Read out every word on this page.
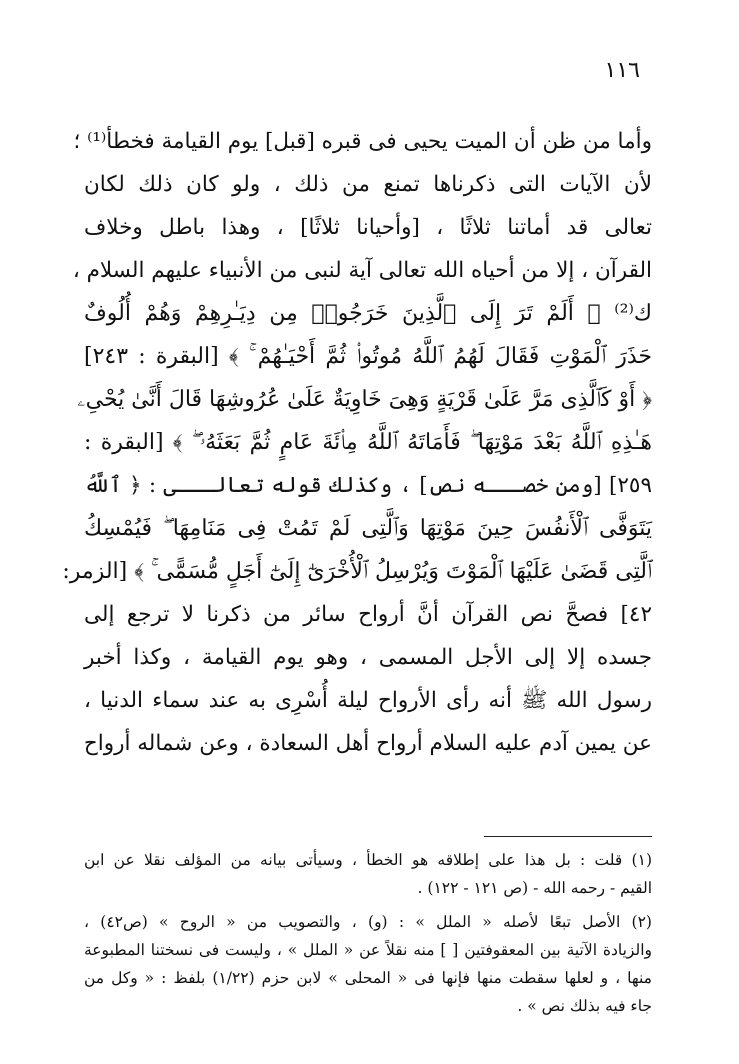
١١٦
وأما من ظن أن الميت يحيى فى قبره [قبل] يوم القيامة فخطأ⁽¹⁾ ؛
لأن الآيات التى ذكرناها تمنع من ذلك ، ولو كان ذلك لكان
تعالى قد أماتنا ثلاثًا ، [وأحيانا ثلاثًا] ، وهذا باطل وخلاف
القرآن ، إلا من أحياه الله تعالى آية لنبى من الأنبياء عليهم السلام ،
ك⁽²⁾ ﴿ أَلَمْ تَرَ إِلَى ٱلَّذِينَ خَرَجُوا۟ مِن دِيَـٰرِهِمْ وَهُمْ أُلُوفٌ
حَذَرَ ٱلْمَوْتِ فَقَالَ لَهُمُ ٱللَّهُ مُوتُوا۟ ثُمَّ أَحْيَـٰهُمْ ۚ ﴾ [البقرة : ٢٤٣]
﴿ أَوْ كَٱلَّذِى مَرَّ عَلَىٰ قَرْيَةٍ وَهِىَ خَاوِيَةٌ عَلَىٰ عُرُوشِهَا قَالَ أَنَّىٰ يُحْىِۦ
هَـٰذِهِ ٱللَّهُ بَعْدَ مَوْتِهَا ۖ فَأَمَاتَهُ ٱللَّهُ مِا۟ئَةَ عَامٍ ثُمَّ بَعَثَهُۥ ۖ ﴾ [البقرة :
٢٥٩] [ومن خصـــه نص] ، وكذلك قوله تعالـــى : ﴿ ٱللَّهُ
يَتَوَفَّى ٱلْأَنفُسَ حِينَ مَوْتِهَا وَٱلَّتِى لَمْ تَمُتْ فِى مَنَامِهَا ۖ فَيُمْسِكُ
ٱلَّتِى قَضَىٰ عَلَيْهَا ٱلْمَوْتَ وَيُرْسِلُ ٱلْأُخْرَىٰٓ إِلَىٰٓ أَجَلٍ مُّسَمًّى ۚ ﴾ [الزمر:
٤٢] فصحَّ نص القرآن أنَّ أرواح سائر من ذكرنا لا ترجع إلى
جسده إلا إلى الأجل المسمى ، وهو يوم القيامة ، وكذا أخبر
رسول الله ﷺ أنه رأى الأرواح ليلة أُسْرِى به عند سماء الدنيا ،
عن يمين آدم عليه السلام أرواح أهل السعادة ، وعن شماله أرواح
(١) قلت : بل هذا على إطلاقه هو الخطأ ، وسيأتى بيانه من المؤلف نقلا عن ابن
القيم - رحمه الله - (ص ١٢١ - ١٢٢) .
(٢) الأصل تبعًا لأصله « الملل » : (و) ، والتصويب من « الروح » (ص٤٢) ،
والزيادة الآتية بين المعقوفتين [ ] منه نقلاً عن « الملل » ، وليست فى نسختنا المطبوعة
منها ، و لعلها سقطت منها فإنها فى « المحلى » لابن حزم (١/٢٢) بلفظ : « وكل من
جاء فيه بذلك نص » .
